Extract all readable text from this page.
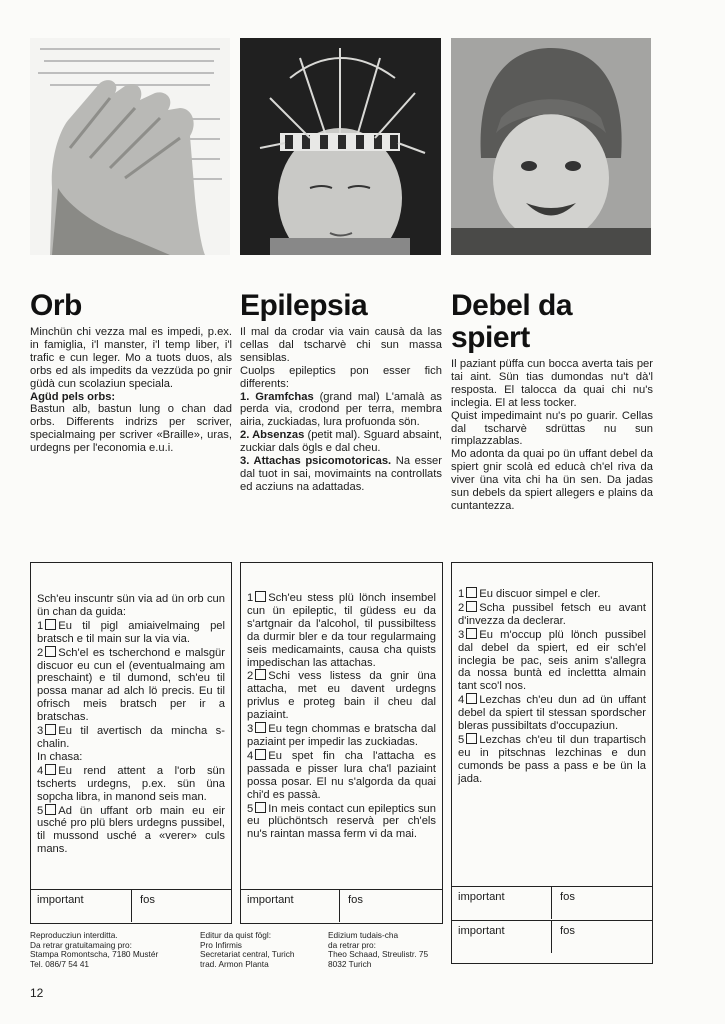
Orb

Minchün chi vezza mal es impedi, p.ex. in famiglia, i'l manster, i'l temp liber, i'l trafic e cun leger. Mo a tuots duos, als orbs ed als impedits da vezzüda po gnir güdà cun scolaziun speciala.

Agüd pels orbs:

Bastun alb, bastun lung o chan dad orbs. Differents indrizs per scriver, specialmaing per scriver «Braille», uras, urdegns per l'economia e.u.i.

Epilepsia

Il mal da crodar via vain causà da las cellas dal tscharvè chi sun massa sensiblas.

Cuolps epileptics pon esser fich differents:

1. Gramfchas (grand mal) L'amalà as perda via, crodond per terra, membra airia, zuckiadas, lura profuonda sön.

2. Absenzas (petit mal). Sguard absaint, zuckiar dals ögls e dal cheu.

3. Attachas psicomotoricas. Na esser dal tuot in sai, movimaints na controllats ed acziuns na adattadas.

Debel da spiert

Il paziant püffa cun bocca averta tais per tai aint. Sün tias dumondas nu't dà'l resposta. El talocca da quai chi nu's inclegia. El at less tocker.

Quist impedimaint nu's po guarir. Cellas dal tscharvè sdrüttas nu sun rimplazzablas.

Mo adonta da quai po ün uffant debel da spiert gnir scolà ed educà ch'el riva da viver üna vita chi ha ün sen. Da jadas sun debels da spiert allegers e plains da cuntantezza.

Sch'eu inscuntr sün via ad ün orb cun ün chan da guida:

1 Eu til pigl amiaivelmaing pel bratsch e til main sur la via via.

2 Sch'el es tscherchond e malsgür discuor eu cun el (eventualmaing am preschaint) e til dumond, sch'eu til possa manar ad alch lö precis. Eu til ofrisch meis bratsch per ir a bratschas.

3 Eu til avertisch da mincha s-chalin.

In chasa:

4 Eu rend attent a l'orb sün tscherts urdegns, p.ex. sün üna sopcha libra, in manond seis man.

5 Ad ün uffant orb main eu eir usché pro plü blers urdegns pussibel, til mussond usché a «verer» culs mans.

important	fos

1 Sch'eu stess plü lönch insembel cun ün epileptic, til güdess eu da s'artgnair da l'alcohol, til pussibiltess da durmir bler e da tour regularmaing seis medicamaints, causa cha quists impedischan las attachas.

2 Schi vess listess da gnir üna attacha, met eu davent urdegns privlus e proteg bain il cheu dal paziaint.

3 Eu tegn chommas e bratscha dal paziaint per impedir las zuckiadas.

4 Eu spet fin cha l'attacha es passada e pisser lura cha'l paziaint possa posar. El nu s'algorda da quai chi'd es passà.

5 In meis contact cun epileptics sun eu plüchöntsch reservà per ch'els nu's raintan massa ferm vi da mai.

important	fos

1 Eu discuor simpel e cler.

2 Scha pussibel fetsch eu avant d'invezza da declerar.

3 Eu m'occup plü lönch pussibel dal debel da spiert, ed eir sch'el inclegia be pac, seis anim s'allegra da nossa buntà ed inclettta almain tant sco'l nos.

4 Lezchas ch'eu dun ad ün uffant debel da spiert til stessan spordscher bleras pussibiltats d'occupaziun.

5 Lezchas ch'eu til dun trapartisch eu in pitschnas lezchinas e dun cumonds be pass a pass e be ün la jada.

important	fos
important	fos
Reproducziun interditta.
Da retrar gratuitamaing pro:
Stampa Romontscha, 7180 Mustér
Tel. 086/7 54 41
Editur da quist fögl:
Pro Infirmis
Secretariat central, Turich
trad. Armon Planta
Edizium tudais-cha
da retrar pro:
Theo Schaad, Streulistr. 75
8032 Turich
12
